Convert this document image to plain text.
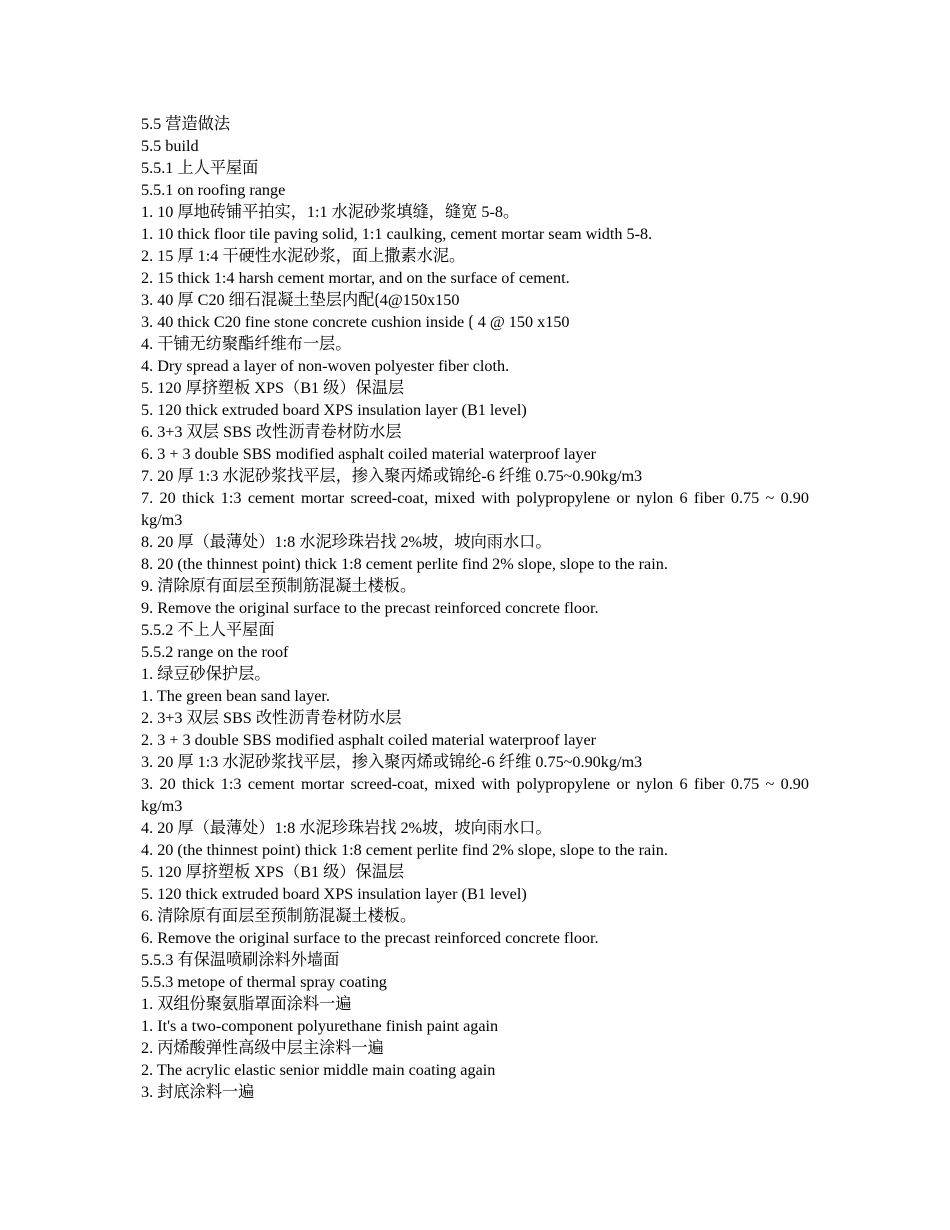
5.5 营造做法
5.5 build
5.5.1 上人平屋面
5.5.1 on roofing range
1. 10 厚地砖铺平拍实，1:1 水泥砂浆填缝，缝宽 5-8。
1. 10 thick floor tile paving solid, 1:1 caulking, cement mortar seam width 5-8.
2. 15 厚 1:4 干硬性水泥砂浆，面上撒素水泥。
2. 15 thick 1:4 harsh cement mortar, and on the surface of cement.
3. 40 厚 C20 细石混凝土垫层内配⟮4@150x150
3. 40 thick C20 fine stone concrete cushion inside ⟮ 4 @ 150 x150
4. 干铺无纺聚酯纤维布一层。
4. Dry spread a layer of non-woven polyester fiber cloth.
5. 120 厚挤塑板 XPS（B1 级）保温层
5. 120 thick extruded board XPS insulation layer (B1 level)
6. 3+3 双层 SBS 改性沥青卷材防水层
6. 3 + 3 double SBS modified asphalt coiled material waterproof layer
7. 20 厚 1:3 水泥砂浆找平层，掺入聚丙烯或锦纶-6 纤维 0.75~0.90kg/m3
7. 20 thick 1:3 cement mortar screed-coat, mixed with polypropylene or nylon 6 fiber 0.75 ~ 0.90 kg/m3
8. 20 厚（最薄处）1:8 水泥珍珠岩找 2%坡，坡向雨水口。
8. 20 (the thinnest point) thick 1:8 cement perlite find 2% slope, slope to the rain.
9. 清除原有面层至预制筋混凝土楼板。
9. Remove the original surface to the precast reinforced concrete floor.
5.5.2 不上人平屋面
5.5.2 range on the roof
1. 绿豆砂保护层。
1. The green bean sand layer.
2. 3+3 双层 SBS 改性沥青卷材防水层
2. 3 + 3 double SBS modified asphalt coiled material waterproof layer
3. 20 厚 1:3 水泥砂浆找平层，掺入聚丙烯或锦纶-6 纤维 0.75~0.90kg/m3
3. 20 thick 1:3 cement mortar screed-coat, mixed with polypropylene or nylon 6 fiber 0.75 ~ 0.90 kg/m3
4. 20 厚（最薄处）1:8 水泥珍珠岩找 2%坡，坡向雨水口。
4. 20 (the thinnest point) thick 1:8 cement perlite find 2% slope, slope to the rain.
5. 120 厚挤塑板 XPS（B1 级）保温层
5. 120 thick extruded board XPS insulation layer (B1 level)
6. 清除原有面层至预制筋混凝土楼板。
6. Remove the original surface to the precast reinforced concrete floor.
5.5.3 有保温喷刷涂料外墙面
5.5.3 metope of thermal spray coating
1. 双组份聚氨脂罩面涂料一遍
1. It's a two-component polyurethane finish paint again
2. 丙烯酸弹性高级中层主涂料一遍
2. The acrylic elastic senior middle main coating again
3. 封底涂料一遍
